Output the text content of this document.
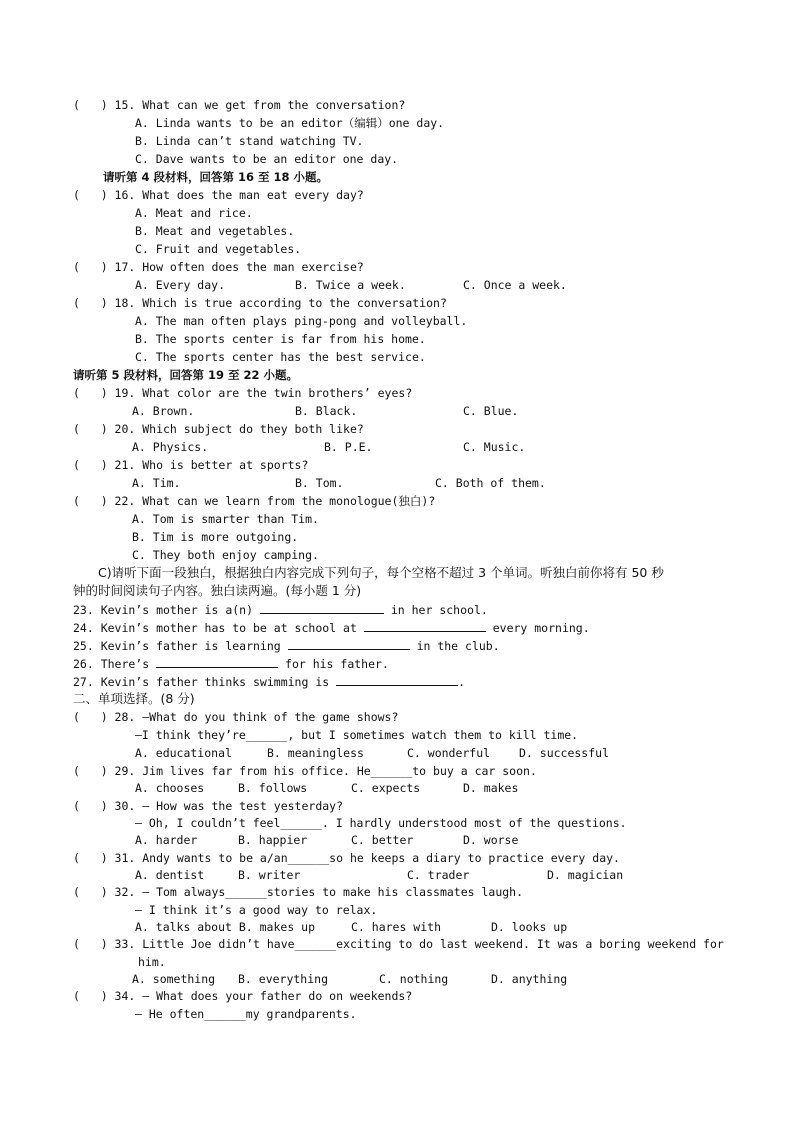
(   ) 15. What can we get from the conversation?
A. Linda wants to be an editor（编辑）one day.
B. Linda can’t stand watching TV.
C. Dave wants to be an editor one day.
请听第 4 段材料，回答第 16 至 18 小题。
(   ) 16. What does the man eat every day?
A. Meat and rice.
B. Meat and vegetables.
C. Fruit and vegetables.
(   ) 17. How often does the man exercise?
A. Every day.	B. Twice a week.	C. Once a week.
(   ) 18. Which is true according to the conversation?
A. The man often plays ping-pong and volleyball.
B. The sports center is far from his home.
C. The sports center has the best service.
请听第 5 段材料，回答第 19 至 22 小题。
(   ) 19. What color are the twin brothers’ eyes?
A. Brown.	B. Black.	C. Blue.
(   ) 20. Which subject do they both like?
A. Physics.	B. P.E.	C. Music.
(   ) 21. Who is better at sports?
A. Tim.	B. Tom.	C. Both of them.
(   ) 22. What can we learn from the monologue(独白)?
A. Tom is smarter than Tim.
B. Tim is more outgoing.
C. They both enjoy camping.
C)请听下面一段独白，根据独白内容完成下列句子，每个空格不超过 3 个单词。听独白前你将有 50 秒
钟的时间阅读句子内容。独白读两遍。(每小题 1 分)
23. Kevin’s mother is a(n)	in her school.
24. Kevin’s mother has to be at school at	every morning.
25. Kevin’s father is learning	in the club.
26. There’s	for his father.
27. Kevin’s father thinks swimming is	.
二、单项选择。(8 分)
(   ) 28. —What do you think of the game shows?
—I think they’re______, but I sometimes watch them to kill time.
A. educational	B. meaningless	C. wonderful	D. successful
(   ) 29. Jim lives far from his office. He______to buy a car soon.
A. chooses	B. follows	C. expects	D. makes
(   ) 30. — How was the test yesterday?
— Oh, I couldn’t feel______. I hardly understood most of the questions.
A. harder	B. happier	C. better	D. worse
(   ) 31. Andy wants to be a/an______so he keeps a diary to practice every day.
A. dentist	B. writer	C. trader	D. magician
(   ) 32. — Tom always______stories to make his classmates laugh.
— I think it’s a good way to relax.
A. talks about B. makes up	C. hares with	D. looks up
(   ) 33. Little Joe didn’t have______exciting to do last weekend. It was a boring weekend for
him.
A. something B. everything	C. nothing	D. anything
(   ) 34. — What does your father do on weekends?
— He often______my grandparents.
